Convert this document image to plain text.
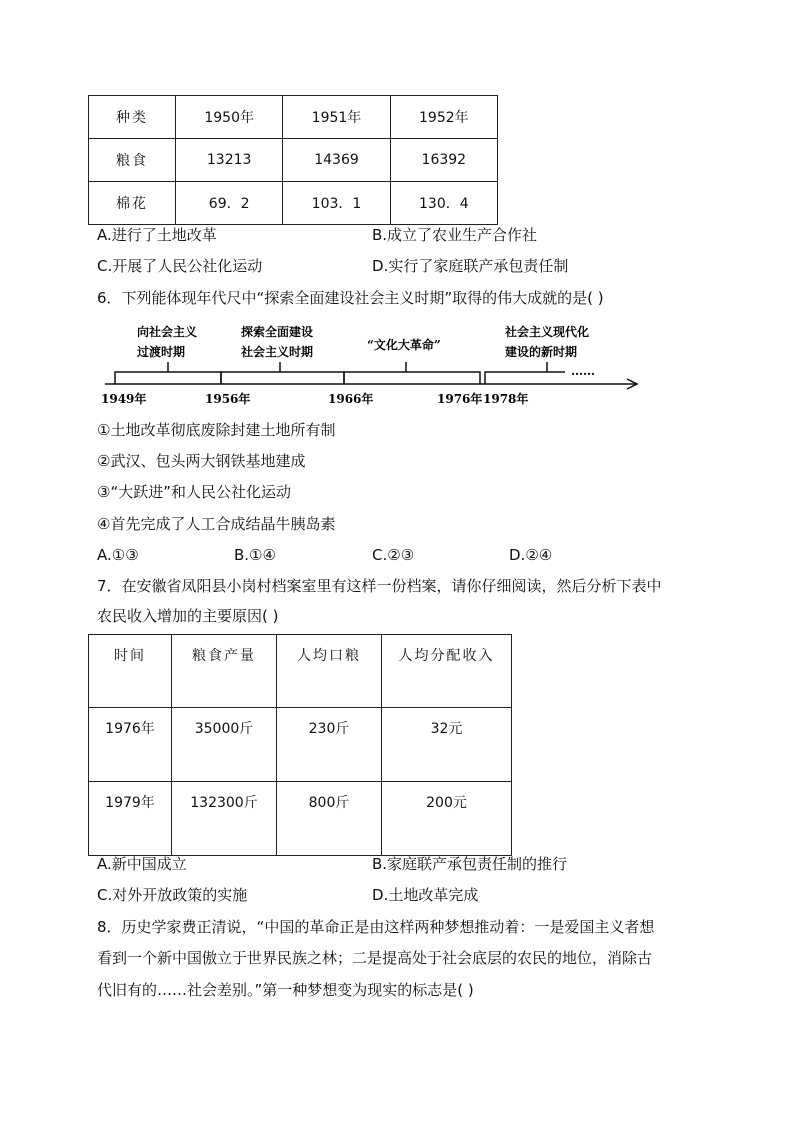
种类	1950年	1951年	1952年
粮食	13213	14369	16392
棉花	69．2	103．1	130．4
A.进行了土地改革	B.成立了农业生产合作社
C.开展了人民公社化运动	D.实行了家庭联产承包责任制
6．下列能体现年代尺中“探索全面建设社会主义时期”取得的伟大成就的是( )
……
向社会主义
过渡时期
探索全面建设
社会主义时期	“文化大革命”
社会主义现代化
建设的新时期
1949年	1956年	1966年	1976年 1978年
①土地改革彻底废除封建土地所有制
②武汉、包头两大钢铁基地建成
③“大跃进”和人民公社化运动
④首先完成了人工合成结晶牛胰岛素
A.①③	B.①④	C.②③	D.②④
7．在安徽省凤阳县小岗村档案室里有这样一份档案，请你仔细阅读，然后分析下表中
农民收入增加的主要原因( )
时间	粮食产量	人均口粮	人均分配收入
1976年	35000斤	230斤	32元
1979年	132300斤	800斤	200元
A.新中国成立	B.家庭联产承包责任制的推行
C.对外开放政策的实施	D.土地改革完成
8．历史学家费正清说，“中国的革命正是由这样两种梦想推动着：一是爱国主义者想
看到一个新中国傲立于世界民族之林；二是提高处于社会底层的农民的地位，消除古
代旧有的……社会差别。”第一种梦想变为现实的标志是( )
